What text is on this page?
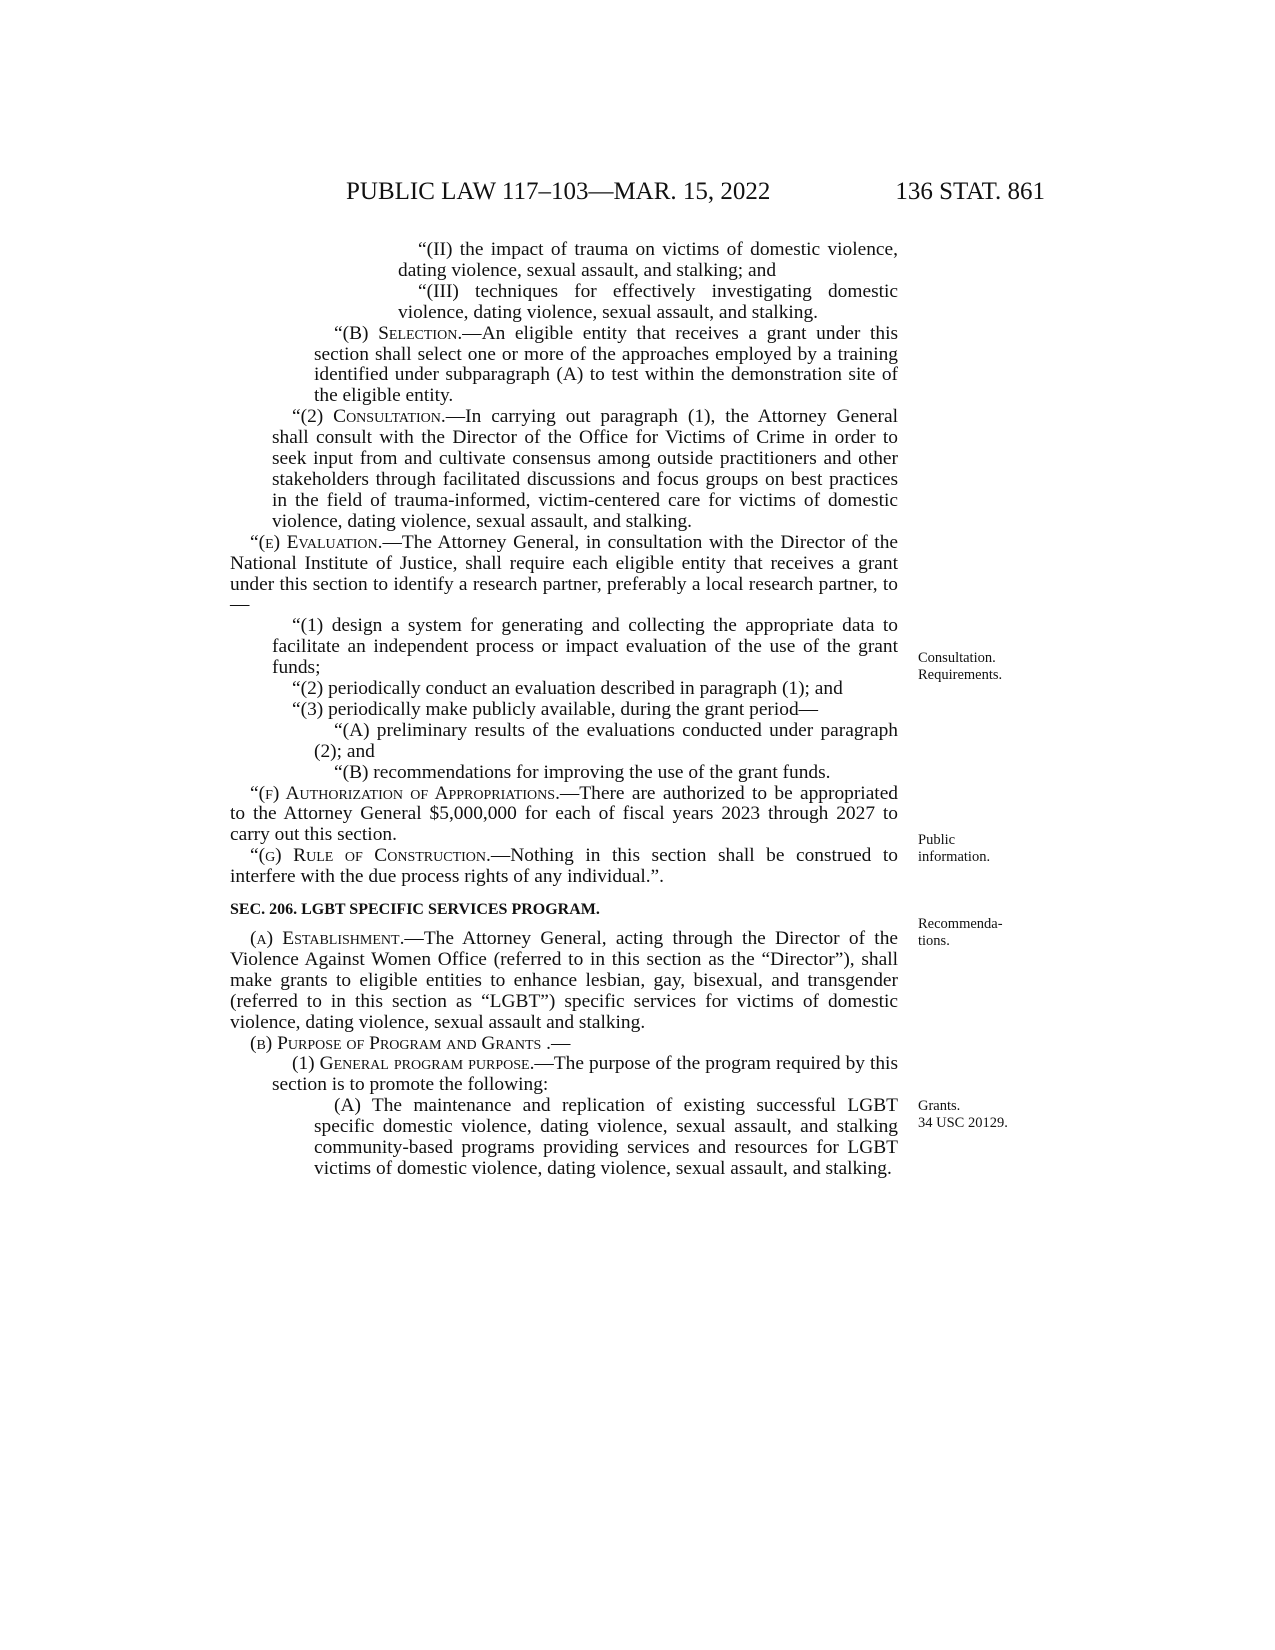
PUBLIC LAW 117–103—MAR. 15, 2022	136 STAT. 861

“(II) the impact of trauma on victims of domestic violence, dating violence, sexual assault, and stalking; and

“(III) techniques for effectively investigating domestic violence, dating violence, sexual assault, and stalking.

“(B) Selection.—An eligible entity that receives a grant under this section shall select one or more of the approaches employed by a training identified under subparagraph (A) to test within the demonstration site of the eligible entity.

“(2) Consultation.—In carrying out paragraph (1), the Attorney General shall consult with the Director of the Office for Victims of Crime in order to seek input from and cultivate consensus among outside practitioners and other stakeholders through facilitated discussions and focus groups on best practices in the field of trauma-informed, victim-centered care for victims of domestic violence, dating violence, sexual assault, and stalking.

“(e) Evaluation.—The Attorney General, in consultation with the Director of the National Institute of Justice, shall require each eligible entity that receives a grant under this section to identify a research partner, preferably a local research partner, to—

“(1) design a system for generating and collecting the appropriate data to facilitate an independent process or impact evaluation of the use of the grant funds;

“(2) periodically conduct an evaluation described in paragraph (1); and

“(3) periodically make publicly available, during the grant period—

“(A) preliminary results of the evaluations conducted under paragraph (2); and

“(B) recommendations for improving the use of the grant funds.

“(f) Authorization of Appropriations.—There are authorized to be appropriated to the Attorney General $5,000,000 for each of fiscal years 2023 through 2027 to carry out this section.

“(g) Rule of Construction.—Nothing in this section shall be construed to interfere with the due process rights of any individual.”.

SEC. 206. LGBT SPECIFIC SERVICES PROGRAM.

(a) Establishment.—The Attorney General, acting through the Director of the Violence Against Women Office (referred to in this section as the “Director”), shall make grants to eligible entities to enhance lesbian, gay, bisexual, and transgender (referred to in this section as “LGBT”) specific services for victims of domestic violence, dating violence, sexual assault and stalking.

(b) Purpose of Program and Grants .—

(1) General program purpose.—The purpose of the program required by this section is to promote the following:

(A) The maintenance and replication of existing successful LGBT specific domestic violence, dating violence, sexual assault, and stalking community-based programs providing services and resources for LGBT victims of domestic violence, dating violence, sexual assault, and stalking.

Consultation.
Requirements.
Public
information.
Recommenda-
tions.
Grants.
34 USC 20129.
